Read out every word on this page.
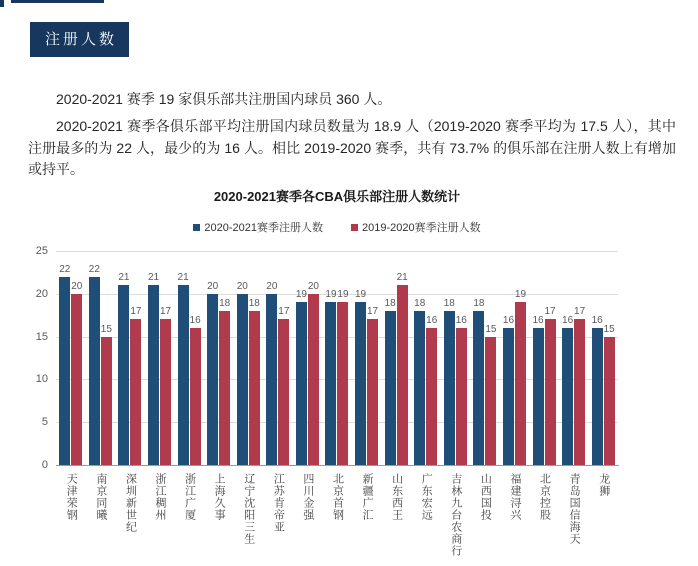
注册人数

2020-2021 赛季 19 家俱乐部共注册国内球员 360 人。

2020-2021 赛季各俱乐部平均注册国内球员数量为 18.9 人（2019-2020 赛季平均为 17.5 人），其中注册最多的为 22 人，最少的为 16 人。相比 2019-2020 赛季，共有 73.7% 的俱乐部在注册人数上有增加或持平。

2020-2021赛季各CBA俱乐部注册人数统计
2020-2021赛季注册人数	2019-2020赛季注册人数
22
20
22
15
21
17
21
17
21
16
20
18
20
18
20
17
19
20
19 19 19
17
18
21
18
16
18
16
18
15
16
19
16
17
16
17
16
15
天津荣钢 南京同曦 深圳新世纪 浙江稠州 浙江广厦 上海久事 辽宁沈阳三生 江苏肯帝亚 四川金强 北京首钢 新疆广汇 山东西王 广东宏远 吉林九台农商行 山西国投 福建浔兴 北京控股 青岛国信海天 龙狮
0
5
10
15
20
25
